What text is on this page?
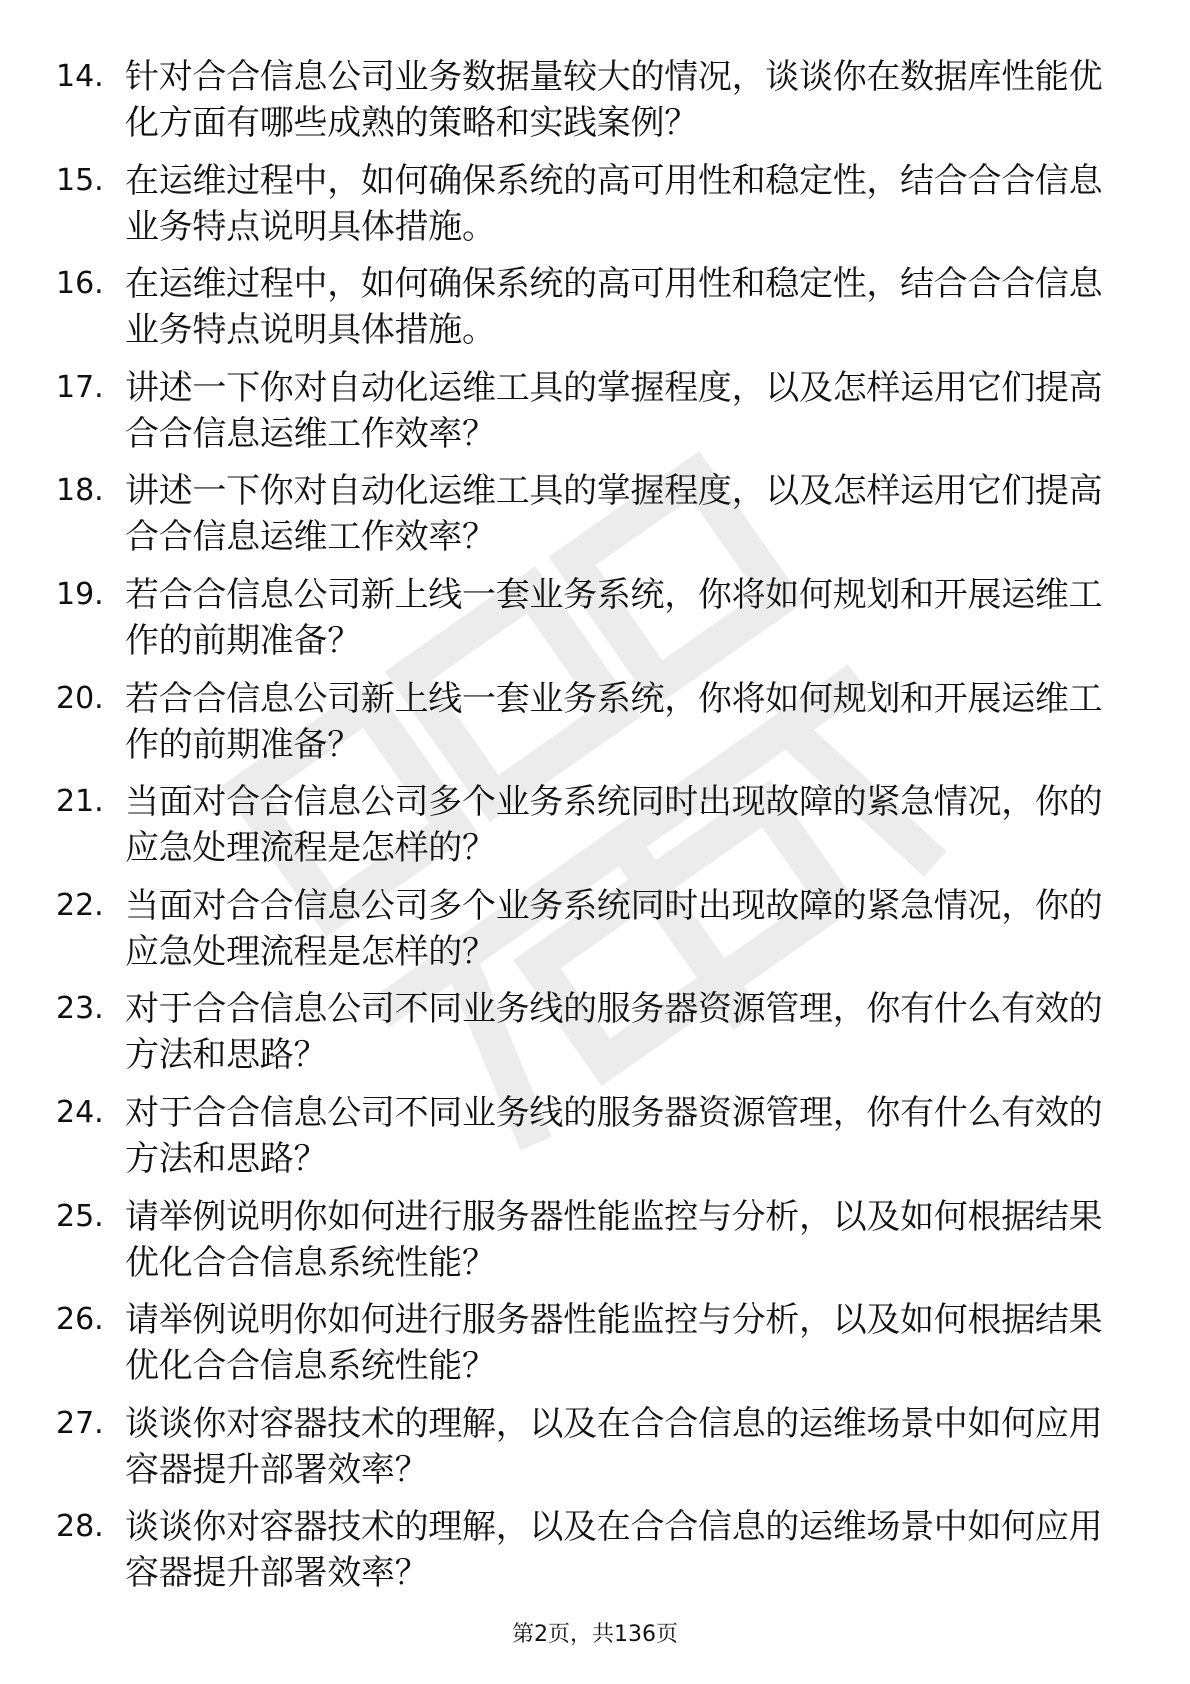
14. 针对合合信息公司业务数据量较大的情况，谈谈你在数据库性能优化方面有哪些成熟的策略和实践案例？
15. 在运维过程中，如何确保系统的高可用性和稳定性，结合合合信息业务特点说明具体措施。
16. 在运维过程中，如何确保系统的高可用性和稳定性，结合合合信息业务特点说明具体措施。
17. 讲述一下你对自动化运维工具的掌握程度，以及怎样运用它们提高合合信息运维工作效率？
18. 讲述一下你对自动化运维工具的掌握程度，以及怎样运用它们提高合合信息运维工作效率？
19. 若合合信息公司新上线一套业务系统，你将如何规划和开展运维工作的前期准备？
20. 若合合信息公司新上线一套业务系统，你将如何规划和开展运维工作的前期准备？
21. 当面对合合信息公司多个业务系统同时出现故障的紧急情况，你的应急处理流程是怎样的？
22. 当面对合合信息公司多个业务系统同时出现故障的紧急情况，你的应急处理流程是怎样的？
23. 对于合合信息公司不同业务线的服务器资源管理，你有什么有效的方法和思路？
24. 对于合合信息公司不同业务线的服务器资源管理，你有什么有效的方法和思路？
25. 请举例说明你如何进行服务器性能监控与分析，以及如何根据结果优化合合信息系统性能？
26. 请举例说明你如何进行服务器性能监控与分析，以及如何根据结果优化合合信息系统性能？
27. 谈谈你对容器技术的理解，以及在合合信息的运维场景中如何应用容器提升部署效率？
28. 谈谈你对容器技术的理解，以及在合合信息的运维场景中如何应用容器提升部署效率？
第2页，共136页
